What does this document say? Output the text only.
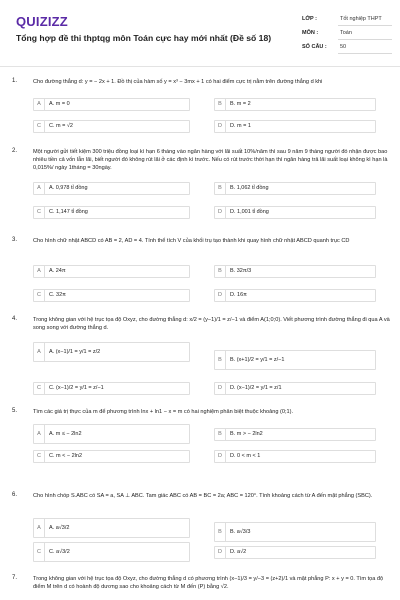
QUIZIZZ
Tổng hợp đề thi thptqg môn Toán cực hay mới nhất (Đề số 18)
LỚP :	Tốt nghiệp THPT
MÔN :	Toán
SỐ CÂU :	50
1.	Cho đường thẳng d: y = − 2x + 1. Đồ thị của hàm số y = x³ − 3mx + 1 có hai điểm cực trị nằm trên đường thẳng d khi
A	A. m = 0	B	B. m = 2
C	C. m = √2	D	D. m = 1
2.	Một người gửi tiết kiệm 300 triệu đồng loại kì hạn 6 tháng vào ngân hàng với lãi suất 10%/năm thì sau 9 năm 9 tháng người đó nhận được bao nhiêu tiền cả vốn lẫn lãi, biết người đó không rút lãi ở các định kì trước. Nếu có rút trước thời hạn thì ngân hàng trả lãi suất loại không kì hạn là 0,015%/ ngày 1tháng = 30ngày.
A	A. 0,978 tỉ đồng	B	B. 1,062 tỉ đồng
C	C. 1,147 tỉ đồng	D	D. 1,001 tỉ đồng
3.	Cho hình chữ nhật ABCD có AB = 2, AD = 4. Tính thể tích V của khối trụ tạo thành khi quay hình chữ nhật ABCD quanh trục CD
A	A. 24π	B	B. 32π/3
C	C. 32π	D	D. 16π
4.	Trong không gian với hệ trục tọa độ Oxyz, cho đường thẳng d: x/2 = (y−1)/1 = z/−1 và điểm A(1;0;0). Viết phương trình đường thẳng đi qua A và song song với đường thẳng d.
A	A. (x−1)/1 = y/1 = z/2
B	B. (x+1)/2 = y/1 = z/−1
C	C. (x−1)/2 = y/1 = z/−1	D	D. (x−1)/2 = y/1 = z/1
5.	Tìm các giá trị thực của m để phương trình lnx + ln1 − x = m có hai nghiệm phân biệt thuộc khoảng (0;1).
A	A. m ≤ − 2ln2	B	B. m > − 2ln2
C	C. m < − 2ln2	D	D. 0 < m < 1
6.	Cho hình chóp S.ABC có SA = a, SA ⊥ ABC. Tam giác ABC có AB = BC = 2a; ABC = 120°. Tính khoảng cách từ A đến mặt phẳng (SBC).
A	A. a√3/2
B	B. a√3/3
C	C. a√3/2	D	D. a√2
7.	Trong không gian với hệ trục tọa độ Oxyz, cho đường thẳng d có phương trình (x−1)/3 = y/−3 = (z+2)/1 và mặt phẳng P: x + y = 0. Tìm tọa độ điểm M trên d có hoành độ dương sao cho khoảng cách từ M đến (P) bằng √2.
